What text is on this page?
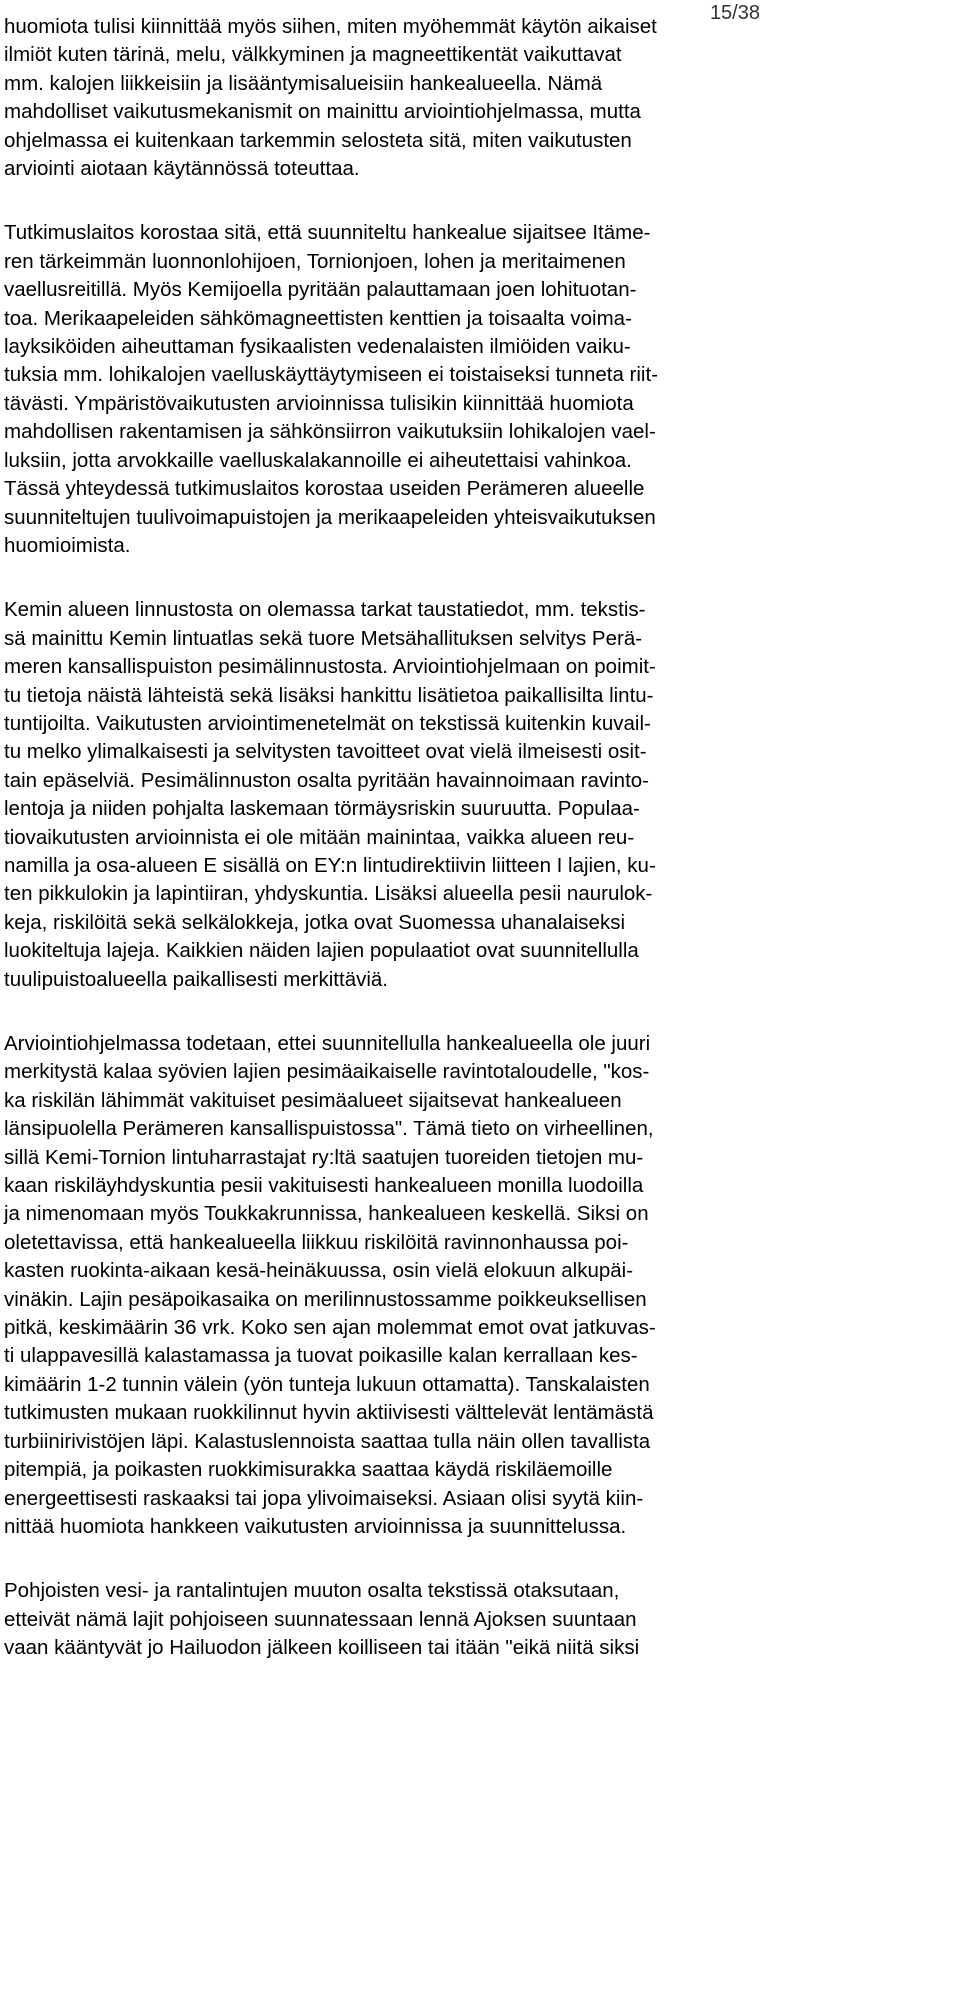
15/38
huomiota tulisi kiinnittää myös siihen, miten myöhemmät käytön aikaiset
ilmiöt kuten tärinä, melu, välkkyminen ja magneettikentät vaikuttavat
mm. kalojen liikkeisiin ja lisääntymisalueisiin hankealueella. Nämä
mahdolliset vaikutusmekanismit on mainittu arviointiohjelmassa, mutta
ohjelmassa ei kuitenkaan tarkemmin selosteta sitä, miten vaikutusten
arviointi aiotaan käytännössä toteuttaa.
Tutkimuslaitos korostaa sitä, että suunniteltu hankealue sijaitsee Itäme-
ren tärkeimmän luonnonlohijoen, Tornionjoen, lohen ja meritaimenen
vaellusreitillä. Myös Kemijoella pyritään palauttamaan joen lohituotan-
toa. Merikaapeleiden sähkömagneettisten kenttien ja toisaalta voima-
layksiköiden aiheuttaman fysikaalisten vedenalaisten ilmiöiden vaiku-
tuksia mm. lohikalojen vaelluskäyttäytymiseen ei toistaiseksi tunneta riit-
tävästi. Ympäristövaikutusten arvioinnissa tulisikin kiinnittää huomiota
mahdollisen rakentamisen ja sähkönsiirron vaikutuksiin lohikalojen vael-
luksiin, jotta arvokkaille vaelluskalakannoille ei aiheutettaisi vahinkoa.
Tässä yhteydessä tutkimuslaitos korostaa useiden Perämeren alueelle
suunniteltujen tuulivoimapuistojen ja merikaapeleiden yhteisvaikutuksen
huomioimista.
Kemin alueen linnustosta on olemassa tarkat taustatiedot, mm. tekstis-
sä mainittu Kemin lintuatlas sekä tuore Metsähallituksen selvitys Perä-
meren kansallispuiston pesimälinnustosta. Arviointiohjelmaan on poimit-
tu tietoja näistä lähteistä sekä lisäksi hankittu lisätietoa paikallisilta lintu-
tuntijoilta. Vaikutusten arviointimenetelmät on tekstissä kuitenkin kuvail-
tu melko ylimalkaisesti ja selvitysten tavoitteet ovat vielä ilmeisesti osit-
tain epäselviä. Pesimälinnuston osalta pyritään havainnoimaan ravinto-
lentoja ja niiden pohjalta laskemaan törmäysriskin suuruutta. Populaa-
tiovaikutusten arvioinnista ei ole mitään mainintaa, vaikka alueen reu-
namilla ja osa-alueen E sisällä on EY:n lintudirektiivin liitteen I lajien, ku-
ten pikkulokin ja lapintiiran, yhdyskuntia. Lisäksi alueella pesii naurulok-
keja, riskilöitä sekä selkälokkeja, jotka ovat Suomessa uhanalaiseksi
luokiteltuja lajeja. Kaikkien näiden lajien populaatiot ovat suunnitellulla
tuulipuistoalueella paikallisesti merkittäviä.
Arviointiohjelmassa todetaan, ettei suunnitellulla hankealueella ole juuri
merkitystä kalaa syövien lajien pesimäaikaiselle ravintotaloudelle, "kos-
ka riskilän lähimmät vakituiset pesimäalueet sijaitsevat hankealueen
länsipuolella Perämeren kansallispuistossa". Tämä tieto on virheellinen,
sillä Kemi-Tornion lintuharrastajat ry:ltä saatujen tuoreiden tietojen mu-
kaan riskiläyhdyskuntia pesii vakituisesti hankealueen monilla luodoilla
ja nimenomaan myös Toukkakrunnissa, hankealueen keskellä. Siksi on
oletettavissa, että hankealueella liikkuu riskilöitä ravinnonhaussa poi-
kasten ruokinta-aikaan kesä-heinäkuussa, osin vielä elokuun alkupäi-
vinäkin. Lajin pesäpoikasaika on merilinnustossamme poikkeuksellisen
pitkä, keskimäärin 36 vrk. Koko sen ajan molemmat emot ovat jatkuvas-
ti ulappavesillä kalastamassa ja tuovat poikasille kalan kerrallaan kes-
kimäärin 1-2 tunnin välein (yön tunteja lukuun ottamatta). Tanskalaisten
tutkimusten mukaan ruokkilinnut hyvin aktiivisesti välttelevät lentämästä
turbiinirivistöjen läpi. Kalastuslennoista saattaa tulla näin ollen tavallista
pitempiä, ja poikasten ruokkimisurakka saattaa käydä riskiläemoille
energeettisesti raskaaksi tai jopa ylivoimaiseksi. Asiaan olisi syytä kiin-
nittää huomiota hankkeen vaikutusten arvioinnissa ja suunnittelussa.
Pohjoisten vesi- ja rantalintujen muuton osalta tekstissä otaksutaan,
etteivät nämä lajit pohjoiseen suunnatessaan lennä Ajoksen suuntaan
vaan kääntyvät jo Hailuodon jälkeen koilliseen tai itään "eikä niitä siksi
